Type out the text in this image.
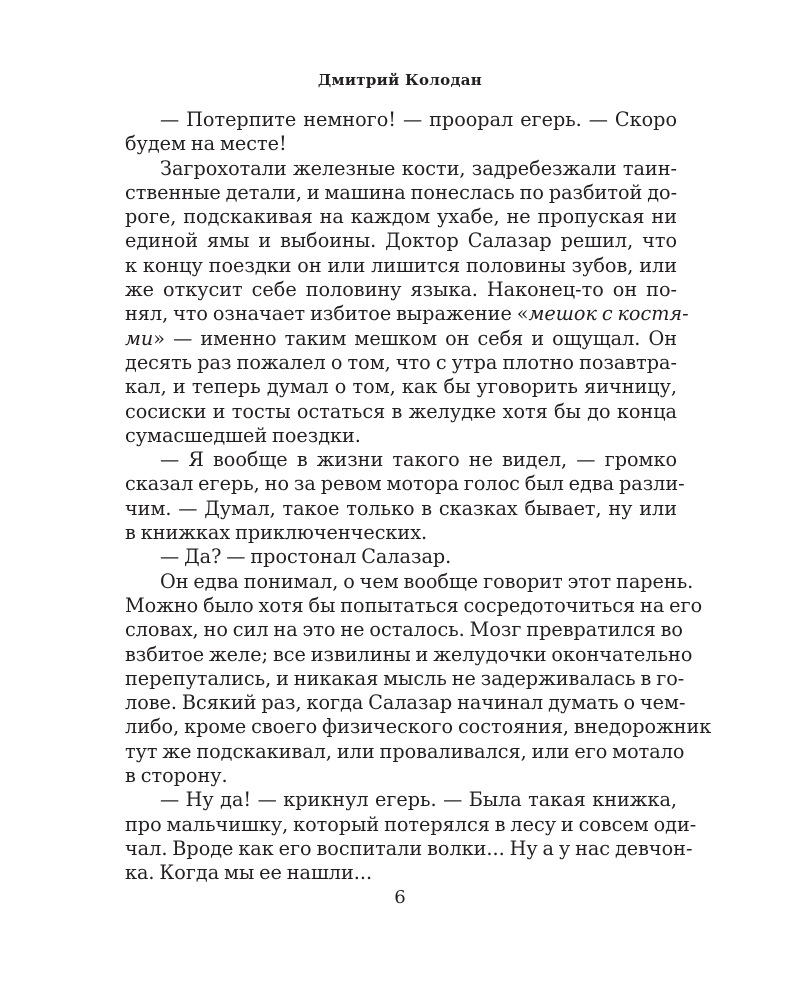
Дмитрий Колодан
— Потерпите немного! — проорал егерь. — Скоро
будем на месте!
Загрохотали железные кости, задребезжали таин-
ственные детали, и машина понеслась по разбитой до-
роге, подскакивая на каждом ухабе, не пропуская ни
единой ямы и выбоины. Доктор Салазар решил, что
к концу поездки он или лишится половины зубов, или
же откусит себе половину языка. Наконец-то он по-
нял, что означает избитое выражение «мешок с костя-
ми» — именно таким мешком он себя и ощущал. Он
десять раз пожалел о том, что с утра плотно позавтра-
кал, и теперь думал о том, как бы уговорить яичницу,
сосиски и тосты остаться в желудке хотя бы до конца
сумасшедшей поездки.
— Я вообще в жизни такого не видел, — громко
сказал егерь, но за ревом мотора голос был едва разли-
чим. — Думал, такое только в сказках бывает, ну или
в книжках приключенческих.
— Да? — простонал Салазар.
Он едва понимал, о чем вообще говорит этот парень.
Можно было хотя бы попытаться сосредоточиться на его
словах, но сил на это не осталось. Мозг превратился во
взбитое желе; все извилины и желудочки окончательно
перепутались, и никакая мысль не задерживалась в го-
лове. Всякий раз, когда Салазар начинал думать о чем-
либо, кроме своего физического состояния, внедорожник
тут же подскакивал, или проваливался, или его мотало
в сторону.
— Ну да! — крикнул егерь. — Была такая книжка,
про мальчишку, который потерялся в лесу и совсем оди-
чал. Вроде как его воспитали волки... Ну а у нас девчон-
ка. Когда мы ее нашли...
6
